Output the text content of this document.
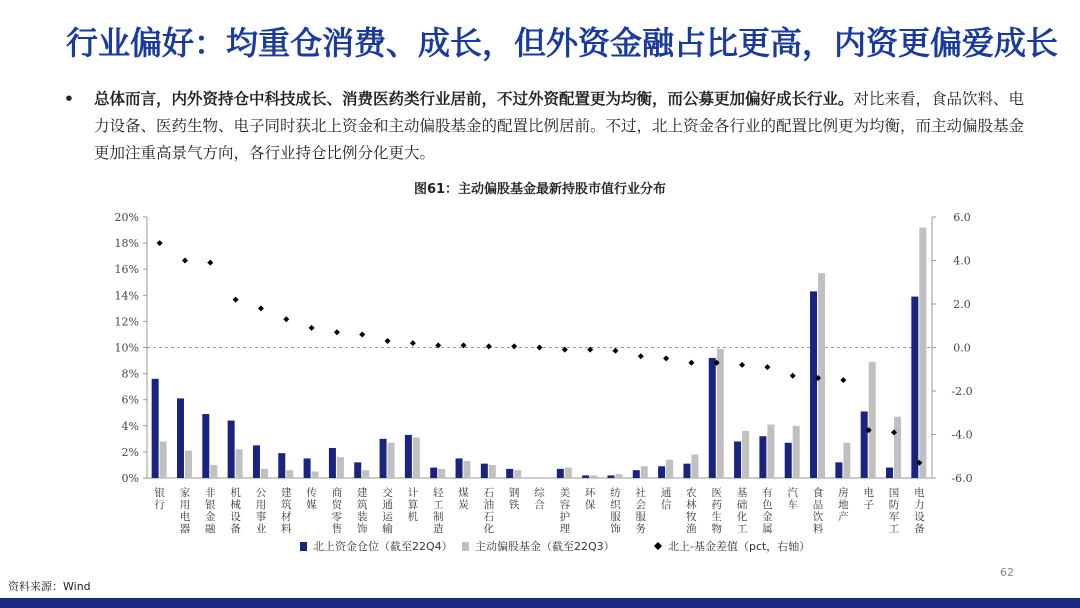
行业偏好：均重仓消费、成长，但外资金融占比更高，内资更偏爱成长
• 总体而言，内外资持仓中科技成长、消费医药类行业居前，不过外资配置更为均衡，而公募更加偏好成长行业。对比来看，食品饮料、电力设备、医药生物、电子同时获北上资金和主动偏股基金的配置比例居前。不过，北上资金各行业的配置比例更为均衡，而主动偏股基金更加注重高景气方向，各行业持仓比例分化更大。
图61：主动偏股基金最新持股市值行业分布
0%
2%
4%
6%
8%
10%
12%
14%
16%
18%
20%
-6.0
-4.0
-2.0
0.0
2.0
4.0
6.0
银行
家用电器
非银金融
机械设备
公用事业
建筑材料
传媒
商贸零售
建筑装饰
交通运输
计算机
轻工制造
煤炭
石油石化
钢铁
综合
美容护理
环保
纺织服饰
社会服务
通信
农林牧渔
医药生物
基础化工
有色金属
汽车
食品饮料
房地产
电子
国防军工
电力设备
北上资金仓位（截至22Q4） 主动偏股基金（截至22Q3）	北上-基金差值（pct，右轴）
资料来源：Wind
62
